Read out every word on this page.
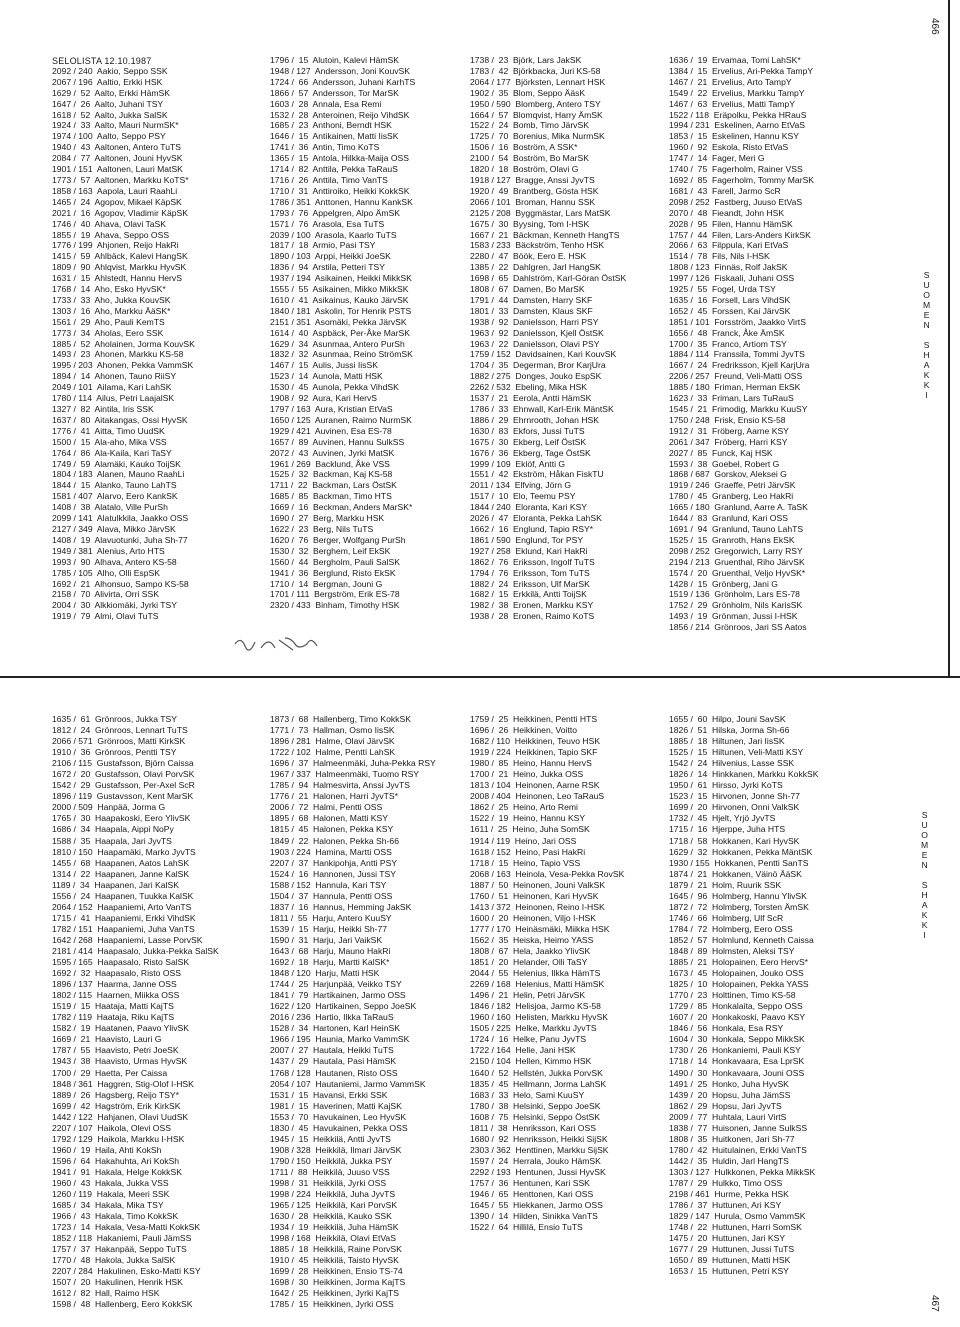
SELOLISTA 12.10.1987

2092 / 240  Aakio, Seppo SSK
2067 / 196  Aaltio, Erkki HSK
1629 /  52  Aalto, Erkki HämSK
1647 /  26  Aalto, Juhani TSY
1618 /  52  Aalto, Jukka SalSK
1924 /  33  Aalto, Mauri NurmSK*
1974 / 100  Aalto, Seppo PSY
1940 /  43  Aaltonen, Antero TuTS
2084 /  77  Aaltonen, Jouni HyvSK
1901 / 151  Aaltonen, Lauri MatSK
1773 /  57  Aaltonen, Markku KoTS*
1858 / 163  Aapola, Lauri RaahLi
1465 /  24  Agopov, Mikael KäpSK
2021 /  16  Agopov, Vladimir KäpSK
1746 /  40  Ahava, Olavi TaSK
1855 /  19  Ahava, Seppo OSS
1776 / 199  Ahjonen, Reijo HakRi
1415 /  59  Ahlbäck, Kalevi HangSK
1809 /  90  Ahlqvist, Markku HyvSK
1631 /  15  Ahlstedt, Hannu HervS
1768 /  14  Aho, Esko HyvSK*
1733 /  33  Aho, Jukka KouvSK
1303 /  16  Aho, Markku ÄäSK*
1561 /  29  Aho, Pauli KemTS
1773 /  34  Aholas, Eero SSK
1885 /  52  Aholainen, Jorma KouvSK
1493 /  23  Ahonen, Markku KS-58
1995 / 203  Ahonen, Pekka VammSK
1894 /  14  Ahonen, Tauno RiiSY
2049 / 101  Ailama, Kari LahSK
1780 / 114  Ailus, Petri LaajalSK
1327 /  82  Aintila, Iris SSK
1637 /  80  Aitakangas, Ossi HyvSK
1776 /  41  Aitta, Timo UudSK
1500 /  15  Ala-aho, Mika VSS
1764 /  86  Ala-Kaila, Kari TaSY
1749 /  59  Alamäki, Kauko ToijSK
1804 / 183  Alanen, Mauno RaahLi
1844 /  15  Alanko, Tauno LahTS
1581 / 407  Alarvo, Eero KankSK
1408 /  38  Alatalo, Ville PurSh
2099 / 141  Alatulkkila, Jaakko OSS
2127 / 349  Alava, Mikko JärvSK
1408 /  19  Alavuotunki, Juha Sh-77
1949 / 381  Alenius, Arto HTS
1993 /  90  Alhava, Antero KS-58
1785 / 105  Alho, Olli EspSK
1692 /  21  Alhonsuo, Sampo KS-58
2158 /  70  Alivirta, Orri SSK
2004 /  30  Alkkiomäki, Jyrki TSY
1919 /  79  Almi, Olavi TuTS
1796 /  15  Alutoin, Kalevi HämSK
1948 / 127  Andersson, Joni KouvSK
1724 /  66  Andersson, Juhani KarhTS
1866 /  57  Andersson, Tor MarSK
1603 /  28  Annala, Esa Remi
1532 /  28  Anteroinen, Reijo VihdSK
1685 /  23  Anthoni, Berndt HSK
1646 /  15  Antikainen, Matti IisSK
1741 /  36  Antin, Timo KoTS
1365 /  15  Antola, Hilkka-Maija OSS
1714 /  82  Anttila, Pekka TaRauS
1716 /  26  Anttila, Timo VanTS
1710 /  31  Anttiroiko, Heikki KokkSK
1786 / 351  Anttonen, Hannu KankSK
1793 /  76  Appelgren, Alpo ÄmSK
1571 /  76  Arasola, Esa TuTS
2039 / 100  Arasola, Kaarlo TuTS
1817 /  18  Armio, Pasi TSY
1890 / 103  Arppi, Heikki JoeSK
1836 /  94  Arstila, Petteri TSY
1937 / 194  Asikainen, Heikki MikkSK
1555 /  55  Asikainen, Mikko MikkSK
1610 /  41  Asikainus, Kauko JärvSK
1840 / 181  Askolin, Tor Henrik PSTS
2151 / 351  Asomäki, Pekka JärvSK
1614 /  40  Aspbäck, Per-Åke MarSK
1629 /  34  Asunmaa, Antero PurSh
1832 /  32  Asunmaa, Reino StrömSK
1467 /  15  Aulis, Jussi IisSK
1523 /  14  Aunola, Matti HSK
1530 /  45  Aunola, Pekka VihdSK
1908 /  92  Aura, Kari HervS
1797 / 163  Aura, Kristian EtVaS
1650 / 125  Auranen, Raimo NurmSK
1929 / 421  Auvinen, Esa ES-78
1657 /  89  Auvinen, Hannu SulkSS
2072 /  43  Auvinen, Jyrki MatSK
1961 / 269  Backlund, Åke VSS
1525 /  32  Backman, Kaj KS-58
1711 /  22  Backman, Lars ÖstSK
1685 /  85  Backman, Timo HTS
1669 /  16  Beckman, Anders MarSK*
1690 /  27  Berg, Markku HSK
1622 /  23  Berg, Nils TuTS
1620 /  76  Berger, Wolfgang PurSh
1530 /  32  Berghem, Leif EkSK
1560 /  44  Bergholm, Pauli SalSK
1941 /  36  Berglund, Risto EkSK
1710 /  14  Bergman, Jouni G
1701 / 111  Bergström, Erik ES-78
2320 / 433  Binham, Timothy HSK
1738 /  23  Björk, Lars JakSK
1783 /  42  Björkbacka, Juri KS-58
2064 / 177  Björksten, Lennart HSK
1902 /  35  Blom, Seppo ÄäsK
1950 / 590  Blomberg, Antero TSY
1664 /  57  Blomqvist, Harry ÄmSK
1522 /  24  Bomb, Timo JärvSK
1725 /  70  Borenius, Mika NurmSK
1506 /  16  Boström, A SSK*
2100 /  54  Boström, Bo MarSK
1820 /  18  Boström, Olavi G
1918 / 127  Bragge, Anssi JyvTS
1920 /  49  Brantberg, Gösta HSK
2066 / 101  Broman, Hannu SSK
2125 / 208  Byggmästar, Lars MatSK
1675 /  30  Byysing, Tom I-HSK
1667 /  21  Bäckman, Kenneth HangTS
1583 / 233  Bäckström, Tenho HSK
2280 /  47  Böök, Eero E. HSK
1385 /  22  Dahlgren, Jarl HangSK
1698 /  65  Dahlström, Karl-Göran ÖstSK
1808 /  67  Damen, Bo MarSK
1791 /  44  Damsten, Harry SKF
1801 /  33  Damsten, Klaus SKF
1938 /  92  Danielsson, Harri PSY
1963 /  92  Danielsson, Kjell ÖstSK
1963 /  22  Danielsson, Olavi PSY
1759 / 152  Davidsainen, Kari KouvSK
1704 /  35  Degerman, Bror KarjUra
1882 / 275  Donges, Jouko EspSK
2262 / 532  Ebeling, Mika HSK
1537 /  21  Eerola, Antti HämSK
1786 /  33  Ehnwall, Karl-Erik MäntSK
1886 /  29  Ehrnrooth, Johan HSK
1630 /  83  Ekfors, Jussi TuTS
1675 /  30  Ekberg, Leif ÖstSK
1676 /  36  Ekberg, Tage ÖstSK
1999 / 109  Eklöf, Antti G
1551 /  42  Ekström, Håkan FiskTU
2011 / 134  Elfving, Jörn G
1517 /  10  Elo, Teemu PSY
1844 / 240  Eloranta, Kari KSY
2026 /  47  Eloranta, Pekka LahSK
1662 /  16  Englund, Tapio RSY*
1861 / 590  Englund, Tor PSY
1927 / 258  Eklund, Kari HakRi
1862 /  76  Eriksson, Ingolf TuTS
1794 /  76  Eriksson, Tom TuTS
1882 /  24  Eriksson, Ulf MarSK
1682 /  15  Erkkilä, Antti ToijSK
1982 /  38  Eronen, Markku KSY
1938 /  28  Eronen, Raimo KoTS
1636 /  19  Ervamaa, Tomi LahSK*
1384 /  15  Ervelius, Ari-Pekka TampY
1467 /  21  Ervelius, Arto TampY
1549 /  22  Ervelius, Markku TampY
1467 /  63  Ervelius, Matti TampY
1522 / 118  Eräpolku, Pekka HRauS
1994 / 231  Eskelinen, Aarno EtVaS
1853 /  15  Eskelinen, Hannu KSY
1960 /  92  Eskola, Risto EtVaS
1747 /  14  Fager, Meri G
1740 /  75  Fagerholm, Rainer VSS
1692 /  85  Fagerholm, Tommy MarSK
1681 /  43  Farell, Jarmo ScR
2098 / 252  Fastberg, Juuso EtVaS
2070 /  48  Fieandt, John HSK
2028 /  95  Filen, Hannu HämSK
1757 /  44  Filen, Lars-Anders KirkSK
2066 /  63  Filppula, Kari EtVaS
1514 /  78  Fils, Nils I-HSK
1808 / 123  Finnäs, Rolf JakSK
1997 / 126  Fiskaali, Juhani OSS
1925 /  55  Fogel, Urda TSY
1635 /  16  Forsell, Lars VihdSK
1652 /  45  Forssen, Kai JärvSK
1851 / 101  Forsström, Jaakko VirtS
1656 /  48  Franck, Åke ÄmSK
1700 /  35  Franco, Artiom TSY
1884 / 114  Franssila, Tommi JyvTS
1667 /  24  Fredriksson, Kjell KarjUra
2206 / 257  Freund, Veli-Matti OSS
1885 / 180  Friman, Herman EkSK
1623 /  33  Friman, Lars TuRauS
1545 /  21  Frimodig, Markku KuuSY
1750 / 248  Frisk, Ensio KS-58
1912 /  31  Fröberg, Aarne KSY
2061 / 347  Fröberg, Harri KSY
2027 /  85  Funck, Kaj HSK
1593 /  38  Goebel, Robert G
1868 / 687  Gorskov, Aleksei G
1919 / 246  Graeffe, Petri JärvSK
1780 /  45  Granberg, Leo HakRi
1665 / 180  Granlund, Aarre A. TaSK
1644 /  83  Granlund, Kari OSS
1691 /  94  Granlund, Tauno LahTS
1525 /  15  Granroth, Hans EkSK
2098 / 252  Gregorwich, Larry RSY
2194 / 213  Gruenthal, Riho JärvSK
1574 /  20  Gruenthal, Veljo HyvSK*
1428 /  15  Grönberg, Jani G
1519 / 136  Grönholm, Lars ES-78
1752 /  29  Grönholm, Nils KarisSK
1493 /  19  Grönman, Jussi I-HSK
1856 / 214  Grönroos, Jari SS Aatos
SUOMEN SHAKKI
466
1635 /  61  Grönroos, Jukka TSY
1812 /  24  Grönroos, Lennart TuTS
2066 / 571  Grönroos, Matti KirkSK
1910 /  36  Grönroos, Pentti TSY
2106 / 115  Gustafsson, Björn Caissa
1672 /  20  Gustafsson, Olavi PorvSK
1542 /  29  Gustafsson, Per-Axel ScR
1896 / 119  Gustavsson, Kent MarSK
2000 / 509  Hanpää, Jorma G
1765 /  30  Haapakoski, Eero YlivSK
1686 /  34  Haapala, Aippi NoPy
1588 /  35  Haapala, Jari JyvTS
1810 / 150  Haapamäki, Marko JyvTS
1455 /  68  Haapanen, Aatos LahSK
1314 /  22  Haapanen, Janne KalSK
1189 /  34  Haapanen, Jari KalSK
1556 /  24  Haapanen, Tuukka KalSK
2064 / 152  Haapaniemi, Arto VanTS
1715 /  41  Haapaniemi, Erkki VihdSK
1782 / 151  Haapaniemi, Juha VanTS
1642 / 268  Haapaniemi, Lasse PorvSK
2181 / 414  Haapasalo, Jukka-Pekka SalSK
1595 / 165  Haapasalo, Risto SalSK
1692 /  32  Haapasalo, Risto OSS
1896 / 137  Haarma, Janne OSS
1802 / 115  Haarnen, Miikka OSS
1519 /  15  Haataja, Matti KajTS
1782 / 119  Haataja, Riku KajTS
1582 /  19  Haatanen, Paavo YlivSK
1669 /  21  Haavisto, Lauri G
1787 /  55  Haavisto, Petri JoeSK
1943 /  38  Haavisto, Urmas HyvSK
1700 /  29  Haetta, Per Caissa
1848 / 361  Haggren, Stig-Olof I-HSK
1889 /  26  Hagsberg, Reijo TSY*
1699 /  42  Hagström, Erik KirkSK
1442 / 122  Hahjanen, Olavi UudSK
2207 / 107  Haikola, Olevi OSS
1792 / 129  Haikola, Markku I-HSK
1960 /  19  Haila, Ahti KokSh
1596 /  64  Hakahuhta, Ari KokSh
1941 /  91  Hakala, Helge KokkSK
1960 /  43  Hakala, Jukka VSS
1260 / 119  Hakala, Meeri SSK
1685 /  34  Hakala, Mika TSY
1966 /  43  Hakala, Timo KokkSK
1723 /  14  Hakala, Vesa-Matti KokkSK
1852 / 118  Hakaniemi, Pauli JämSS
1757 /  37  Hakanpää, Seppo TuTS
1770 /  48  Hakola, Jukka SalSK
2207 / 284  Hakulinen, Esko-Matti KSY
1507 /  20  Hakulinen, Henrik HSK
1612 /  82  Hall, Raimo HSK
1598 /  48  Hallenberg, Eero KokkSK
1873 /  68  Hallenberg, Timo KokkSK
1771 /  73  Hallman, Osmo IisSK
1896 / 281  Halme, Olavi JärvSK
1722 / 102  Halme, Pentti LahSK
1696 /  37  Halmeenmäki, Juha-Pekka RSY
1967 / 337  Halmeenmäki, Tuomo RSY
1785 /  94  Halmesvirta, Anssi JyvTS
1776 /  21  Halonen, Harri JyvTS*
2006 /  72  Halmi, Pentti OSS
1895 /  68  Halonen, Matti KSY
1815 /  45  Halonen, Pekka KSY
1849 /  22  Halonen, Pekka Sh-66
1903 / 224  Hamina, Martti OSS
2207 /  37  Hankipohja, Antti PSY
1524 /  16  Hannonen, Jussi TSY
1588 / 152  Hannula, Kari TSY
1504 /  37  Hannula, Pentti OSS
1837 /  16  Hannus, Hemming JakSK
1811 /  55  Harju, Antero KuuSY
1539 /  15  Harju, Heikki Sh-77
1590 /  31  Harju, Jari VaikSK
1643 /  68  Harju, Mauno HakRi
1692 /  18  Harju, Martti KalSK*
1848 / 120  Harju, Matti HSK
1744 /  25  Harjunpää, Veikko TSY
1841 /  79  Hartikainen, Jarmo OSS
1622 / 120  Hartikainen, Seppo JoeSK
2016 / 236  Hartio, Ilkka TaRauS
1528 /  34  Hartonen, Karl HeinSK
1966 / 195  Haunia, Marko VammSK
2007 /  27  Hautala, Heikki TuTS
1437 /  29  Hautala, Pasi HämSK
1768 / 128  Hautanen, Risto OSS
2054 / 107  Hautaniemi, Jarmo VammSK
1531 /  15  Havansi, Erkki SSK
1981 /  15  Haverinen, Matti KajSK
1553 /  70  Havukainen, Leo HyvSK
1830 /  45  Havukainen, Pekka OSS
1945 /  15  Heikkilä, Antti JyvTS
1908 / 328  Heikkilä, Ilmari JärvSK
1790 / 150  Heikkilä, Jukka PSY
1711 /  88  Heikkilä, Juuso VSS
1998 /  31  Heikkilä, Jyrki OSS
1998 / 224  Heikkilä, Juha JyvTS
1965 / 125  Heikkilä, Kari PorvSK
1630 /  28  Heikkilä, Kauko SSK
1934 /  19  Heikkilä, Juha HämSK
1998 / 168  Heikkilä, Olavi EtVaS
1885 /  18  Heikkilä, Raine PorvSK
1910 /  45  Heikkilä, Taisto HyvSK
1699 /  28  Heikkinen, Ensio TS-74
1698 /  30  Heikkinen, Jorma KajTS
1642 /  25  Heikkinen, Jyrki KajTS
1785 /  15  Heikkinen, Jyrki OSS
1759 /  25  Heikkinen, Pentti HTS
1696 /  26  Heikkinen, Voitto
1682 / 110  Heikkinen, Teuvo HSK
1919 / 224  Heikkinen, Tapio SKF
1980 /  85  Heino, Hannu HervS
1700 /  21  Heino, Jukka OSS
1813 / 104  Heinonen, Aarne RSK
2008 / 404  Heinonen, Leo TaRauS
1862 /  25  Heino, Arto Remi
1522 /  19  Heino, Hannu KSY
1611 /  25  Heino, Juha SomSK
1914 / 119  Heino, Jari OSS
1618 / 152  Heino, Pasi HakRi
1718 /  15  Heino, Tapio VSS
2068 / 163  Heinola, Vesa-Pekka RovSK
1887 /  50  Heinonen, Jouni ValkSK
1760 /  51  Heinonen, Kari HyvSK
1413 / 372  Heinonen, Reino I-HSK
1600 /  20  Heinonen, Viljo I-HSK
1777 / 170  Heinäsmäki, Miikka HSK
1562 /  35  Heiska, Heimo YASS
1808 /  67  Hela, Jaakko YlivSK
1851 /  20  Helander, Olli TaSY
2044 /  55  Helenius, Ilkka HämTS
2269 / 168  Helenius, Matti HämSK
1496 /  21  Helin, Petri JärvSK
1846 / 182  Helisjoa, Jarmo KS-58
1960 / 160  Helisten, Markku HyvSK
1505 / 225  Helke, Markku JyvTS
1724 /  16  Helke, Panu JyvTS
1722 / 164  Helle, Jani HSK
2150 / 104  Hellen, Kimmo HSK
1640 /  52  Hellstén, Jukka PorvSK
1835 /  45  Hellmann, Jorma LahSK
1683 /  33  Helo, Sami KuuSY
1780 /  38  Helsinki, Seppo JoeSK
1608 /  75  Helsinki, Seppo ÖstSK
1811 /  38  Henriksson, Kari OSS
1680 /  92  Henriksson, Heikki SijSK
2303 / 362  Henttinen, Markku SijSK
1597 /  24  Herrala, Jouko HämSK
2292 / 193  Hentunen, Jussi HyvSK
1757 /  36  Hentunen, Kari SSK
1946 /  65  Henttonen, Kari OSS
1645 /  55  Hiekkanen, Jarmo OSS
1390 /  14  Hilden, Sinikka VanTS
1522 /  64  Hillilä, Ensio TuTS
1655 /  60  Hilpo, Jouni SavSK
1826 /  51  Hilska, Jorma Sh-66
1885 /  18  Hiltunen, Jari IisSK
1525 /  15  Hiltunen, Veli-Matti KSY
1542 /  24  Hilvenius, Lasse SSK
1826 /  14  Hinkkanen, Markku KokkSK
1950 /  61  Hirsso, Jyrki KoTS
1523 /  15  Hirvonen, Jonne Sh-77
1699 /  20  Hirvonen, Onni ValkSK
1732 /  45  Hjelt, Yrjö JyvTS
1715 /  16  Hjerppe, Juha HTS
1718 /  58  Hokkanen, Kari HyvSK
1629 /  32  Hokkanen, Pekka MäntSK
1930 / 155  Hokkanen, Pentti SanTS
1874 /  21  Hokkanen, Väinö ÄäSK
1879 /  21  Holm, Ruurik SSK
1645 /  96  Holmberg, Hannu YlivSK
1872 /  72  Holmberg, Torsten ÄmSK
1746 /  66  Holmberg, Ulf ScR
1784 /  72  Holmberg, Eero OSS
1852 /  57  Holmlund, Kenneth Caissa
1848 /  89  Holmsten, Aleksi TSY
1885 /  21  Holopainen, Eero HervS*
1673 /  45  Holopainen, Jouko OSS
1825 /  10  Holopainen, Pekka YASS
1770 /  23  Holttinen, Timo KS-58
1729 /  85  Honkalaita, Seppo OSS
1607 /  20  Honkakoski, Paavo KSY
1846 /  56  Honkala, Esa RSY
1604 /  30  Honkala, Seppo MikkSK
1730 /  26  Honkaniemi, Pauli KSY
1718 /  14  Honkavaara, Esa LprSK
1490 /  30  Honkavaara, Jouni OSS
1491 /  25  Honko, Juha HyvSK
1439 /  20  Hopsu, Juha JämSS
1862 /  29  Hopsu, Jari JyvTS
2009 /  77  Huhtala, Lauri VirtS
1838 /  77  Huisonen, Janne SulkSS
1808 /  35  Huitkonen, Jari Sh-77
1780 /  42  Huitulainen, Erkki VanTS
1442 /  35  Huldin, Jarl HangTS
1303 / 127  Hulkkonen, Pekka MikkSK
1787 /  29  Hulkko, Timo OSS
2198 / 461  Hurme, Pekka HSK
1786 /  37  Huttunen, Ari KSY
1829 / 147  Hurula, Osmo VammSK
1748 /  22  Huttunen, Harri SomSK
1475 /  20  Huttunen, Jari KSY
1677 /  29  Huttunen, Jussi TuTS
1650 /  89  Huttunen, Matti HSK
1653 /  15  Huttunen, Petri KSY
SUOMEN SHAKKI
467
